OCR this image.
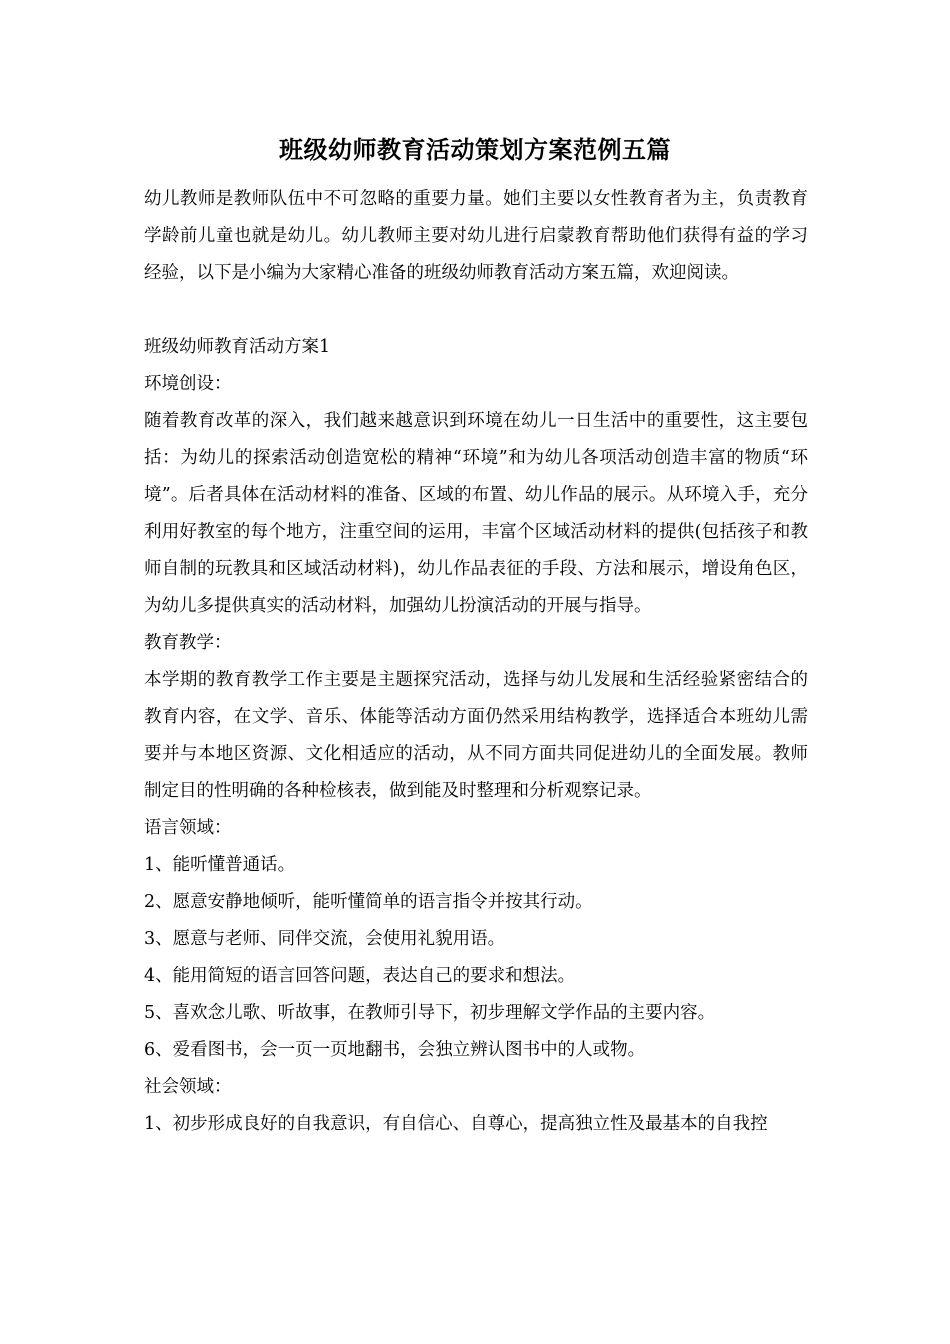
班级幼师教育活动策划方案范例五篇

幼儿教师是教师队伍中不可忽略的重要力量。她们主要以女性教育者为主，负责教育学龄前儿童也就是幼儿。幼儿教师主要对幼儿进行启蒙教育帮助他们获得有益的学习经验，以下是小编为大家精心准备的班级幼师教育活动方案五篇，欢迎阅读。

班级幼师教育活动方案1

环境创设：

随着教育改革的深入，我们越来越意识到环境在幼儿一日生活中的重要性，这主要包括：为幼儿的探索活动创造宽松的精神“环境”和为幼儿各项活动创造丰富的物质“环境”。后者具体在活动材料的准备、区域的布置、幼儿作品的展示。从环境入手，充分利用好教室的每个地方，注重空间的运用，丰富个区域活动材料的提供(包括孩子和教师自制的玩教具和区域活动材料)，幼儿作品表征的手段、方法和展示，增设角色区，为幼儿多提供真实的活动材料，加强幼儿扮演活动的开展与指导。

教育教学：

本学期的教育教学工作主要是主题探究活动，选择与幼儿发展和生活经验紧密结合的教育内容，在文学、音乐、体能等活动方面仍然采用结构教学，选择适合本班幼儿需要并与本地区资源、文化相适应的活动，从不同方面共同促进幼儿的全面发展。教师制定目的性明确的各种检核表，做到能及时整理和分析观察记录。

语言领域：

1、能听懂普通话。

2、愿意安静地倾听，能听懂简单的语言指令并按其行动。

3、愿意与老师、同伴交流，会使用礼貌用语。

4、能用简短的语言回答问题，表达自己的要求和想法。

5、喜欢念儿歌、听故事，在教师引导下，初步理解文学作品的主要内容。

6、爱看图书，会一页一页地翻书，会独立辨认图书中的人或物。

社会领域：

1、初步形成良好的自我意识，有自信心、自尊心，提高独立性及最基本的自我控
